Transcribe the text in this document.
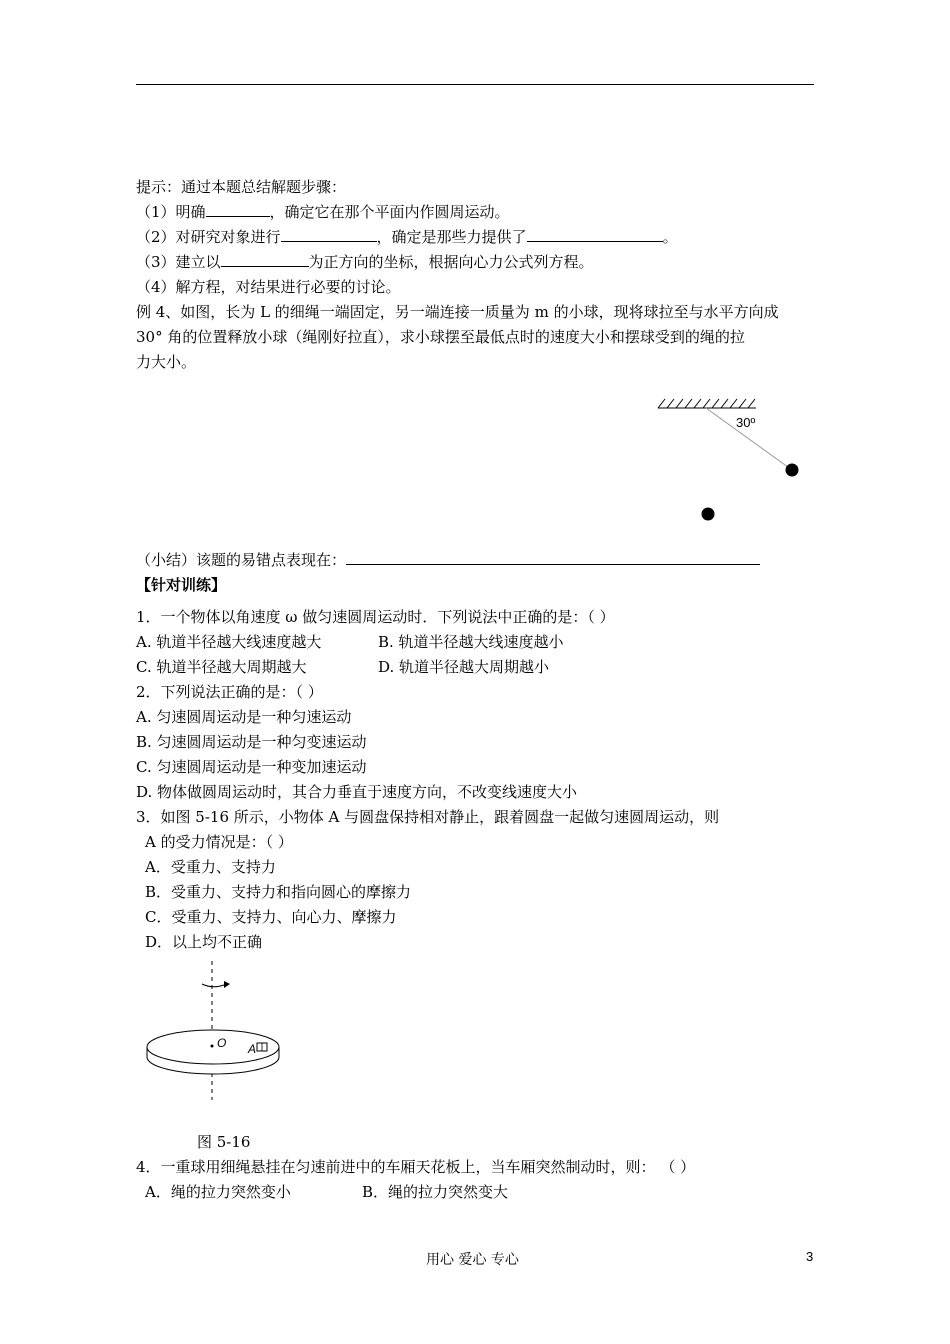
提示：通过本题总结解题步骤：
（1）明确	，确定它在那个平面内作圆周运动。
（2）对研究对象进行	，确定是那些力提供了	。
（3）建立以	为正方向的坐标，根据向心力公式列方程。
（4）解方程，对结果进行必要的讨论。
例 4、如图，长为 L 的细绳一端固定，另一端连接一质量为 m 的小球，现将球拉至与水平方向成
30° 角的位置释放小球（绳刚好拉直），求小球摆至最低点时的速度大小和摆球受到的绳的拉
力大小。
30º
（小结）该题的易错点表现在：
【针对训练】
1．一个物体以角速度 ω 做匀速圆周运动时．下列说法中正确的是：（ ）
A. 轨道半径越大线速度越大	B. 轨道半径越大线速度越小
C. 轨道半径越大周期越大	D. 轨道半径越大周期越小
2．下列说法正确的是：（ ）
A. 匀速圆周运动是一种匀速运动
B. 匀速圆周运动是一种匀变速运动
C. 匀速圆周运动是一种变加速运动
D. 物体做圆周运动时，其合力垂直于速度方向，不改变线速度大小
3．如图 5-16 所示，小物体 A 与圆盘保持相对静止，跟着圆盘一起做匀速圆周运动，则
A 的受力情况是：（ ）
A．受重力、支持力
B．受重力、支持力和指向圆心的摩擦力
C．受重力、支持力、向心力、摩擦力
D．以上均不正确
O A
图 5-16
4．一重球用细绳悬挂在匀速前进中的车厢天花板上，当车厢突然制动时，则： （ ）
A．绳的拉力突然变小	B．绳的拉力突然变大
用心 爱心 专心	3
